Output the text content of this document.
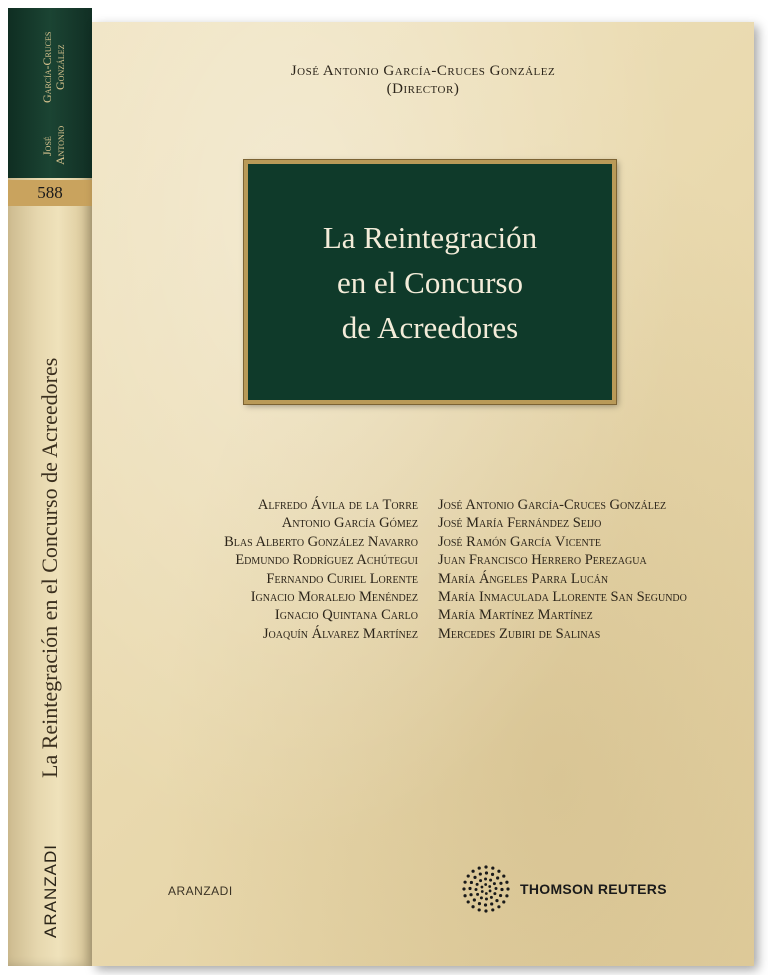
José Antonio

García-Cruces González
588
La Reintegración en el Concurso de Acreedores
ARANZADI
José Antonio García-Cruces González
(Director)
La Reintegración
en el Concurso
de Acreedores
Alfredo Ávila de la Torre
Antonio García Gómez
Blas Alberto González Navarro
Edmundo Rodríguez Achútegui
Fernando Curiel Lorente
Ignacio Moralejo Menéndez
Ignacio Quintana Carlo
Joaquín Álvarez Martínez
José Antonio García-Cruces González
José María Fernández Seijo
José Ramón García Vicente
Juan Francisco Herrero Perezagua
María Ángeles Parra Lucán
María Inmaculada Llorente San Segundo
María Martínez Martínez
Mercedes Zubiri de Salinas
ARANZADI	THOMSON REUTERS
